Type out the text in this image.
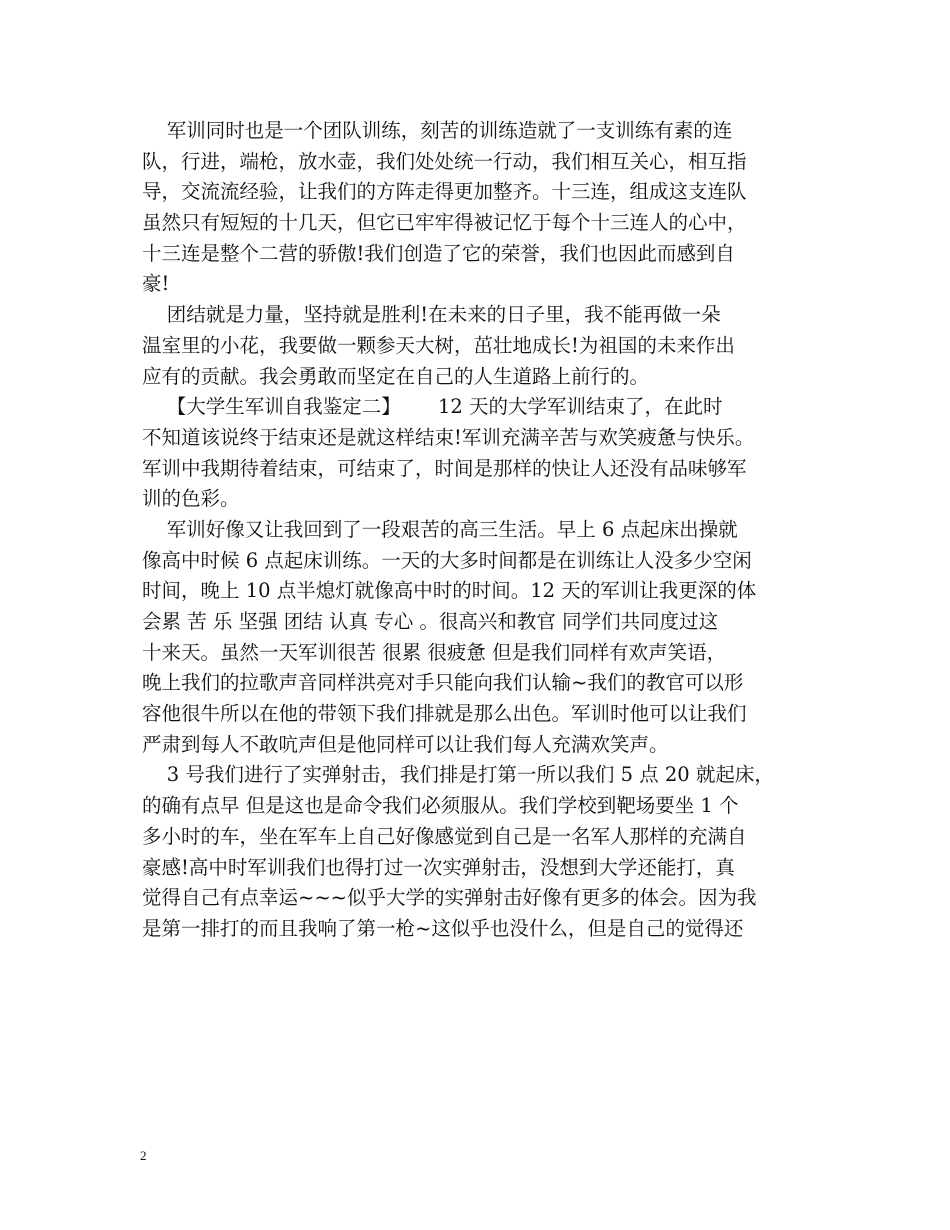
军训同时也是一个团队训练，刻苦的训练造就了一支训练有素的连
队，行进，端枪，放水壶，我们处处统一行动，我们相互关心，相互指
导，交流流经验，让我们的方阵走得更加整齐。十三连，组成这支连队
虽然只有短短的十几天，但它已牢牢得被记忆于每个十三连人的心中，
十三连是整个二营的骄傲!我们创造了它的荣誉，我们也因此而感到自
豪!
团结就是力量，坚持就是胜利!在未来的日子里，我不能再做一朵
温室里的小花，我要做一颗参天大树，茁壮地成长!为祖国的未来作出
应有的贡献。我会勇敢而坚定在自己的人生道路上前行的。
【大学生军训自我鉴定二】      12 天的大学军训结束了，在此时
不知道该说终于结束还是就这样结束!军训充满辛苦与欢笑疲惫与快乐。
军训中我期待着结束，可结束了，时间是那样的快让人还没有品味够军
训的色彩。
军训好像又让我回到了一段艰苦的高三生活。早上 6 点起床出操就
像高中时候 6 点起床训练。一天的大多时间都是在训练让人没多少空闲
时间，晚上 10 点半熄灯就像高中时的时间。12 天的军训让我更深的体
会累 苦 乐 坚强 团结 认真 专心 。很高兴和教官 同学们共同度过这
十来天。虽然一天军训很苦 很累 很疲惫 但是我们同样有欢声笑语，
晚上我们的拉歌声音同样洪亮对手只能向我们认输~我们的教官可以形
容他很牛所以在他的带领下我们排就是那么出色。军训时他可以让我们
严肃到每人不敢吭声但是他同样可以让我们每人充满欢笑声。
3 号我们进行了实弹射击，我们排是打第一所以我们 5 点 20 就起床，
的确有点早 但是这也是命令我们必须服从。我们学校到靶场要坐 1 个
多小时的车，坐在军车上自己好像感觉到自己是一名军人那样的充满自
豪感!高中时军训我们也得打过一次实弹射击，没想到大学还能打，真
觉得自己有点幸运~~~似乎大学的实弹射击好像有更多的体会。因为我
是第一排打的而且我响了第一枪~这似乎也没什么，但是自己的觉得还
2
